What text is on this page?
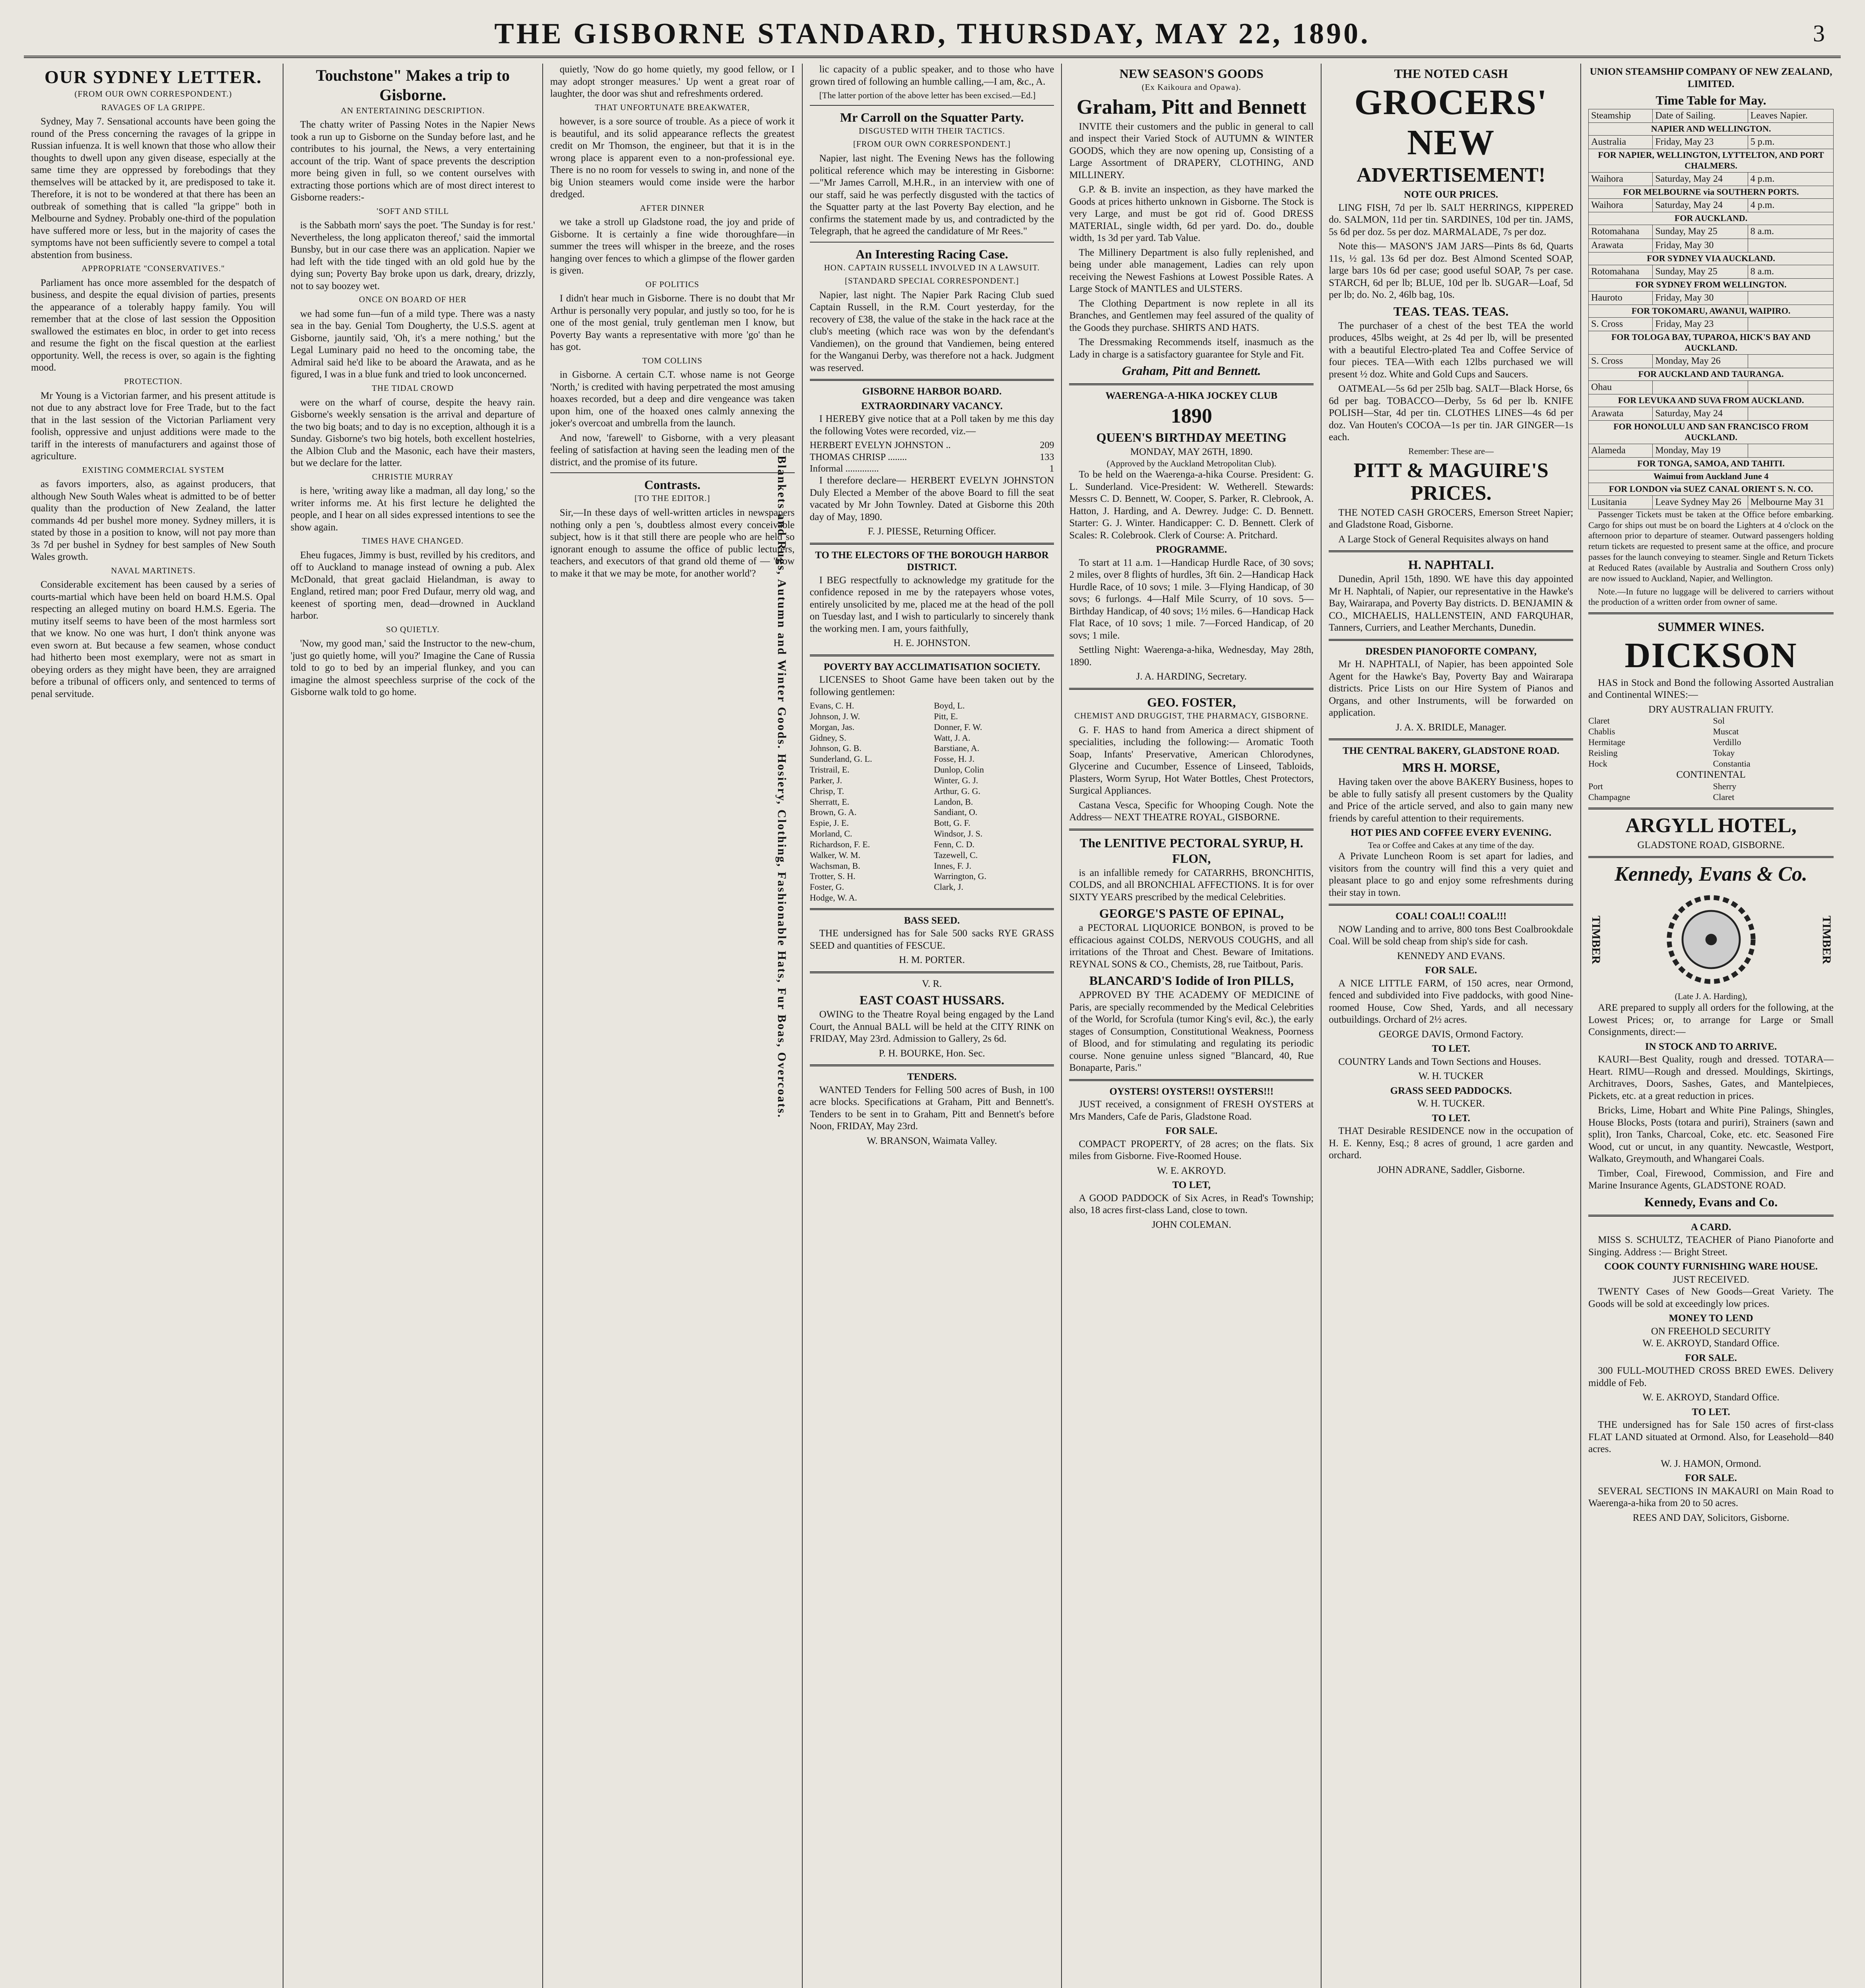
THE GISBORNE STANDARD, THURSDAY, MAY 22, 1890.	3
OUR SYDNEY LETTER.
(FROM OUR OWN CORRESPONDENT.)
RAVAGES OF LA GRIPPE.

Sydney, May 7. Sensational accounts have been going the round of the Press concerning the ravages of la grippe in Russian infuenza. It is well known that those who allow their thoughts to dwell upon any given disease, especially at the same time they are oppressed by forebodings that they themselves will be attacked by it, are predisposed to take it. Therefore, it is not to be wondered at that there has been an outbreak of something that is called "la grippe" both in Melbourne and Sydney. Probably one-third of the population have suffered more or less, but in the majority of cases the symptoms have not been sufficiently severe to compel a total abstention from business.

APPROPRIATE "CONSERVATIVES."

Parliament has once more assembled for the despatch of business, and despite the equal division of parties, presents the appearance of a tolerably happy family. You will remember that at the close of last session the Opposition swallowed the estimates en bloc, in order to get into recess and resume the fight on the fiscal question at the earliest opportunity. Well, the recess is over, so again is the fighting mood.

PROTECTION.

Mr Young is a Victorian farmer, and his present attitude is not due to any abstract love for Free Trade, but to the fact that in the last session of the Victorian Parliament very foolish, oppressive and unjust additions were made to the tariff in the interests of manufacturers and against those of agriculture.

EXISTING COMMERCIAL SYSTEM

as favors importers, also, as against producers, that although New South Wales wheat is admitted to be of better quality than the production of New Zealand, the latter commands 4d per bushel more money. Sydney millers, it is stated by those in a position to know, will not pay more than 3s 7d per bushel in Sydney for best samples of New South Wales growth.

NAVAL MARTINETS.

Considerable excitement has been caused by a series of courts-martial which have been held on board H.M.S. Opal respecting an alleged mutiny on board H.M.S. Egeria. The mutiny itself seems to have been of the most harmless sort that we know. No one was hurt, I don't think anyone was even sworn at. But because a few seamen, whose conduct had hitherto been most exemplary, were not as smart in obeying orders as they might have been, they are arraigned before a tribunal of officers only, and sentenced to terms of penal servitude.

Touchstone" Makes a trip to Gisborne.
AN ENTERTAINING DESCRIPTION.

The chatty writer of Passing Notes in the Napier News took a run up to Gisborne on the Sunday before last, and he contributes to his journal, the News, a very entertaining account of the trip. Want of space prevents the description more being given in full, so we content ourselves with extracting those portions which are of most direct interest to Gisborne readers:-

'SOFT AND STILL

is the Sabbath morn' says the poet. 'The Sunday is for rest.' Nevertheless, the long applicaton thereof,' said the immortal Bunsby, but in our case there was an application. Napier we had left with the tide tinged with an old gold hue by the dying sun; Poverty Bay broke upon us dark, dreary, drizzly, not to say boozey wet.

ONCE ON BOARD OF HER

we had some fun—fun of a mild type. There was a nasty sea in the bay. Genial Tom Dougherty, the U.S.S. agent at Gisborne, jauntily said, 'Oh, it's a mere nothing,' but the Legal Luminary paid no heed to the oncoming tabe, the Admiral said he'd like to be aboard the Arawata, and as he figured, I was in a blue funk and tried to look unconcerned.

THE TIDAL CROWD

were on the wharf of course, despite the heavy rain. Gisborne's weekly sensation is the arrival and departure of the two big boats; and to day is no exception, although it is a Sunday. Gisborne's two big hotels, both excellent hostelries, the Albion Club and the Masonic, each have their masters, but we declare for the latter.

CHRISTIE MURRAY

is here, 'writing away like a madman, all day long,' so the writer informs me. At his first lecture he delighted the people, and I hear on all sides expressed intentions to see the show again.

TIMES HAVE CHANGED.

Eheu fugaces, Jimmy is bust, revilled by his creditors, and off to Auckland to manage instead of owning a pub. Alex McDonald, that great gaclaid Hielandman, is away to England, retired man; poor Fred Dufaur, merry old wag, and keenest of sporting men, dead—drowned in Auckland harbor.

SO QUIETLY.

'Now, my good man,' said the Instructor to the new-chum, 'just go quietly home, will you?' Imagine the Cane of Russia told to go to bed by an imperial flunkey, and you can imagine the almost speechless surprise of the cock of the Gisborne walk told to go home.

quietly, 'Now do go home quietly, my good fellow, or I may adopt stronger measures.' Up went a great roar of laughter, the door was shut and refreshments ordered.

THAT UNFORTUNATE BREAKWATER,

however, is a sore source of trouble. As a piece of work it is beautiful, and its solid appearance reflects the greatest credit on Mr Thomson, the engineer, but that it is in the wrong place is apparent even to a non-professional eye. There is no no room for vessels to swing in, and none of the big Union steamers would come inside were the harbor dredged.

AFTER DINNER

we take a stroll up Gladstone road, the joy and pride of Gisborne. It is certainly a fine wide thoroughfare—in summer the trees will whisper in the breeze, and the roses hanging over fences to which a glimpse of the flower garden is given.

OF POLITICS

I didn't hear much in Gisborne. There is no doubt that Mr Arthur is personally very popular, and justly so too, for he is one of the most genial, truly gentleman men I know, but Poverty Bay wants a representative with more 'go' than he has got.

TOM COLLINS

in Gisborne. A certain C.T. whose name is not George 'North,' is credited with having perpetrated the most amusing hoaxes recorded, but a deep and dire vengeance was taken upon him, one of the hoaxed ones calmly annexing the joker's overcoat and umbrella from the launch.

And now, 'farewell' to Gisborne, with a very pleasant feeling of satisfaction at having seen the leading men of the district, and the promise of its future.

Contrasts.
[TO THE EDITOR.]

Sir,—In these days of well-written articles in newspapers nothing only a pen 's, doubtless almost every conceivable subject, how is it that still there are people who are held so ignorant enough to assume the office of public lecturers, teachers, and executors of that grand old theme of — 'How to make it that we may be mote, for another world'?

lic capacity of a public speaker, and to those who have grown tired of following an humble calling,—I am, &c., A.

[The latter portion of the above letter has been excised.—Ed.]

Mr Carroll on the Squatter Party.
DISGUSTED WITH THEIR TACTICS.
[FROM OUR OWN CORRESPONDENT.]

Napier, last night. The Evening News has the following political reference which may be interesting in Gisborne:—"Mr James Carroll, M.H.R., in an interview with one of our staff, said he was perfectly disgusted with the tactics of the Squatter party at the last Poverty Bay election, and he confirms the statement made by us, and contradicted by the Telegraph, that he agreed the candidature of Mr Rees."

An Interesting Racing Case.
HON. CAPTAIN RUSSELL INVOLVED IN A LAWSUIT.
[STANDARD SPECIAL CORRESPONDENT.]

Napier, last night. The Napier Park Racing Club sued Captain Russell, in the R.M. Court yesterday, for the recovery of £38, the value of the stake in the hack race at the club's meeting (which race was won by the defendant's Vandiemen), on the ground that Vandiemen, being entered for the Wanganui Derby, was therefore not a hack. Judgment was reserved.

GISBORNE HARBOR BOARD.
EXTRAORDINARY VACANCY.

I HEREBY give notice that at a Poll taken by me this day the following Votes were recorded, viz.—

HERBERT EVELYN JOHNSTON ..	209
THOMAS CHRISP ........	133
Informal ..............	1

I therefore declare— HERBERT EVELYN JOHNSTON Duly Elected a Member of the above Board to fill the seat vacated by Mr John Townley. Dated at Gisborne this 20th day of May, 1890.

F. J. PIESSE, Returning Officer.
TO THE ELECTORS OF THE BOROUGH HARBOR DISTRICT.

I BEG respectfully to acknowledge my gratitude for the confidence reposed in me by the ratepayers whose votes, entirely unsolicited by me, placed me at the head of the poll on Tuesday last, and I wish to particularly to sincerely thank the working men. I am, yours faithfully,

H. E. JOHNSTON.
POVERTY BAY ACCLIMATISATION SOCIETY.

LICENSES to Shoot Game have been taken out by the following gentlemen:

Evans, C. H.	Boyd, L.
Johnson, J. W.	Pitt, E.
Morgan, Jas.	Donner, F. W.
Gidney, S.	Watt, J. A.
Johnson, G. B.	Barstiane, A.
Sunderland, G. L.	Fosse, H. J.
Tristrail, E.	Dunlop, Colin
Parker, J.	Winter, G. J.
Chrisp, T.	Arthur, G. G.
Sherratt, E.	Landon, B.
Brown, G. A.	Sandiant, O.
Espie, J. E.	Bott, G. F.
Morland, C.	Windsor, J. S.
Richardson, F. E.	Fenn, C. D.
Walker, W. M.	Tazewell, C.
Wachsman, B.	Innes, F. J.
Trotter, S. H.	Warrington, G.
Foster, G.	Clark, J.
Hodge, W. A.
BASS SEED.

THE undersigned has for Sale 500 sacks RYE GRASS SEED and quantities of FESCUE.

H. M. PORTER.
V. R.
EAST COAST HUSSARS.

OWING to the Theatre Royal being engaged by the Land Court, the Annual BALL will be held at the CITY RINK on FRIDAY, May 23rd. Admission to Gallery, 2s 6d.

P. H. BOURKE, Hon. Sec.
TENDERS.

WANTED Tenders for Felling 500 acres of Bush, in 100 acre blocks. Specifications at Graham, Pitt and Bennett's. Tenders to be sent in to Graham, Pitt and Bennett's before Noon, FRIDAY, May 23rd.

W. BRANSON, Waimata Valley.
NEW SEASON'S GOODS
(Ex Kaikoura and Opawa).
Graham, Pitt and Bennett

INVITE their customers and the public in general to call and inspect their Varied Stock of AUTUMN & WINTER GOODS, which they are now opening up, Consisting of a Large Assortment of DRAPERY, CLOTHING, AND MILLINERY.

G.P. & B. invite an inspection, as they have marked the Goods at prices hitherto unknown in Gisborne. The Stock is very Large, and must be got rid of. Good DRESS MATERIAL, single width, 6d per yard. Do. do., double width, 1s 3d per yard. Tab Value.

The Millinery Department is also fully replenished, and being under able management, Ladies can rely upon receiving the Newest Fashions at Lowest Possible Rates. A Large Stock of MANTLES and ULSTERS.

The Clothing Department is now replete in all its Branches, and Gentlemen may feel assured of the quality of the Goods they purchase. SHIRTS AND HATS.

The Dressmaking Recommends itself, inasmuch as the Lady in charge is a satisfactory guarantee for Style and Fit.

Graham, Pitt and Bennett.
WAERENGA-A-HIKA JOCKEY CLUB
1890
QUEEN'S BIRTHDAY MEETING
MONDAY, MAY 26TH, 1890.
(Approved by the Auckland Metropolitan Club).

To be held on the Waerenga-a-hika Course. President: G. L. Sunderland. Vice-President: W. Wetherell. Stewards: Messrs C. D. Bennett, W. Cooper, S. Parker, R. Clebrook, A. Hatton, J. Harding, and A. Dewrey. Judge: C. D. Bennett. Starter: G. J. Winter. Handicapper: C. D. Bennett. Clerk of Scales: R. Colebrook. Clerk of Course: A. Pritchard.

PROGRAMME.

To start at 11 a.m. 1—Handicap Hurdle Race, of 30 sovs; 2 miles, over 8 flights of hurdles, 3ft 6in. 2—Handicap Hack Hurdle Race, of 10 sovs; 1 mile. 3—Flying Handicap, of 30 sovs; 6 furlongs. 4—Half Mile Scurry, of 10 sovs. 5—Birthday Handicap, of 40 sovs; 1½ miles. 6—Handicap Hack Flat Race, of 10 sovs; 1 mile. 7—Forced Handicap, of 20 sovs; 1 mile.

Settling Night: Waerenga-a-hika, Wednesday, May 28th, 1890.

J. A. HARDING, Secretary.
GEO. FOSTER,
CHEMIST AND DRUGGIST, THE PHARMACY, GISBORNE.

G. F. HAS to hand from America a direct shipment of specialities, including the following:— Aromatic Tooth Soap, Infants' Preservative, American Chlorodynes, Glycerine and Cucumber, Essence of Linseed, Tabloids, Plasters, Worm Syrup, Hot Water Bottles, Chest Protectors, Surgical Appliances.

Castana Vesca, Specific for Whooping Cough. Note the Address— NEXT THEATRE ROYAL, GISBORNE.

The LENITIVE PECTORAL SYRUP, H. FLON,

is an infallible remedy for CATARRHS, BRONCHITIS, COLDS, and all BRONCHIAL AFFECTIONS. It is for over SIXTY YEARS prescribed by the medical Celebrities.

GEORGE'S PASTE OF EPINAL,

a PECTORAL LIQUORICE BONBON, is proved to be efficacious against COLDS, NERVOUS COUGHS, and all irritations of the Throat and Chest. Beware of Imitations. REYNAL SONS & CO., Chemists, 28, rue Taitbout, Paris.

BLANCARD'S Iodide of Iron PILLS,

APPROVED BY THE ACADEMY OF MEDICINE of Paris, are specially recommended by the Medical Celebrities of the World, for Scrofula (tumor King's evil, &c.), the early stages of Consumption, Constitutional Weakness, Poorness of Blood, and for stimulating and regulating its periodic course. None genuine unless signed "Blancard, 40, Rue Bonaparte, Paris."

OYSTERS! OYSTERS!! OYSTERS!!!

JUST received, a consignment of FRESH OYSTERS at Mrs Manders, Cafe de Paris, Gladstone Road.

FOR SALE.

COMPACT PROPERTY, of 28 acres; on the flats. Six miles from Gisborne. Five-Roomed House.

W. E. AKROYD.
TO LET,

A GOOD PADDOCK of Six Acres, in Read's Township; also, 18 acres first-class Land, close to town.

JOHN COLEMAN.
THE NOTED CASH
GROCERS'
NEW
ADVERTISEMENT!
NOTE OUR PRICES.

LING FISH, 7d per lb. SALT HERRINGS, KIPPERED do. SALMON, 11d per tin. SARDINES, 10d per tin. JAMS, 5s 6d per doz. 5s per doz. MARMALADE, 7s per doz.

Note this— MASON'S JAM JARS—Pints 8s 6d, Quarts 11s, ½ gal. 13s 6d per doz. Best Almond Scented SOAP, large bars 10s 6d per case; good useful SOAP, 7s per case. STARCH, 6d per lb; BLUE, 10d per lb. SUGAR—Loaf, 5d per lb; do. No. 2, 46lb bag, 10s.

TEAS. TEAS. TEAS.

The purchaser of a chest of the best TEA the world produces, 45lbs weight, at 2s 4d per lb, will be presented with a beautiful Electro-plated Tea and Coffee Service of four pieces. TEA—With each 12lbs purchased we will present ½ doz. White and Gold Cups and Saucers.

OATMEAL—5s 6d per 25lb bag. SALT—Black Horse, 6s 6d per bag. TOBACCO—Derby, 5s 6d per lb. KNIFE POLISH—Star, 4d per tin. CLOTHES LINES—4s 6d per doz. Van Houten's COCOA—1s per tin. JAR GINGER—1s each.

Remember: These are—
PITT & MAGUIRE'S PRICES.

THE NOTED CASH GROCERS, Emerson Street Napier; and Gladstone Road, Gisborne.

A Large Stock of General Requisites always on hand

H. NAPHTALI.

Dunedin, April 15th, 1890. WE have this day appointed Mr H. Naphtali, of Napier, our representative in the Hawke's Bay, Wairarapa, and Poverty Bay districts. D. BENJAMIN & CO., MICHAELIS, HALLENSTEIN, AND FARQUHAR, Tanners, Curriers, and Leather Merchants, Dunedin.

DRESDEN PIANOFORTE COMPANY,

Mr H. NAPHTALI, of Napier, has been appointed Sole Agent for the Hawke's Bay, Poverty Bay and Wairarapa districts. Price Lists on our Hire System of Pianos and Organs, and other Instruments, will be forwarded on application.

J. A. X. BRIDLE, Manager.
THE CENTRAL BAKERY, GLADSTONE ROAD.
MRS H. MORSE,

Having taken over the above BAKERY Business, hopes to be able to fully satisfy all present customers by the Quality and Price of the article served, and also to gain many new friends by careful attention to their requirements.

HOT PIES AND COFFEE EVERY EVENING.
Tea or Coffee and Cakes at any time of the day.

A Private Luncheon Room is set apart for ladies, and visitors from the country will find this a very quiet and pleasant place to go and enjoy some refreshments during their stay in town.

COAL! COAL!! COAL!!!

NOW Landing and to arrive, 800 tons Best Coalbrookdale Coal. Will be sold cheap from ship's side for cash.

KENNEDY AND EVANS.
FOR SALE.

A NICE LITTLE FARM, of 150 acres, near Ormond, fenced and subdivided into Five paddocks, with good Nine-roomed House, Cow Shed, Yards, and all necessary outbuildings. Orchard of 2½ acres.

GEORGE DAVIS, Ormond Factory.
TO LET.

COUNTRY Lands and Town Sections and Houses.

W. H. TUCKER
GRASS SEED PADDOCKS.
W. H. TUCKER.
TO LET.

THAT Desirable RESIDENCE now in the occupation of H. E. Kenny, Esq.; 8 acres of ground, 1 acre garden and orchard.

JOHN ADRANE, Saddler, Gisborne.
UNION STEAMSHIP COMPANY OF NEW ZEALAND, LIMITED.
Time Table for May.
Steamship	Date of Sailing.	Leaves Napier.
NAPIER AND WELLINGTON.		
Australia	Friday, May 23	5 p.m.
FOR NAPIER, WELLINGTON, LYTTELTON, AND PORT CHALMERS.		
Waihora	Saturday, May 24	4 p.m.
FOR MELBOURNE via SOUTHERN PORTS.		
Waihora	Saturday, May 24	4 p.m.
FOR AUCKLAND.		
Rotomahana	Sunday, May 25	8 a.m.
Arawata	Friday, May 30	
FOR SYDNEY VIA AUCKLAND.		
Rotomahana	Sunday, May 25	8 a.m.
FOR SYDNEY FROM WELLINGTON.		
Hauroto	Friday, May 30	
FOR TOKOMARU, AWANUI, WAIPIRO.		
S. Cross	Friday, May 23	
FOR TOLOGA BAY, TUPAROA, HICK'S BAY AND AUCKLAND.		
S. Cross	Monday, May 26	
FOR AUCKLAND AND TAURANGA.		
Ohau		
FOR LEVUKA AND SUVA FROM AUCKLAND.		
Arawata	Saturday, May 24	
FOR HONOLULU AND SAN FRANCISCO FROM AUCKLAND.		
Alameda	Monday, May 19	
FOR TONGA, SAMOA, AND TAHITI.		
Waimui from Auckland June 4		
FOR LONDON via SUEZ CANAL ORIENT S. N. CO.		
Lusitania	Leave Sydney May 26	Melbourne May 31

Passenger Tickets must be taken at the Office before embarking. Cargo for ships out must be on board the Lighters at 4 o'clock on the afternoon prior to departure of steamer. Outward passengers holding return tickets are requested to present same at the office, and procure passes for the launch conveying to steamer. Single and Return Tickets at Reduced Rates (available by Australia and Southern Cross only) are now issued to Auckland, Napier, and Wellington.

Note.—In future no luggage will be delivered to carriers without the production of a written order from owner of same.

SUMMER WINES.
DICKSON

HAS in Stock and Bond the following Assorted Australian and Continental WINES:—

DRY AUSTRALIAN FRUITY.
Claret	Sol
Chablis	Muscat
Hermitage	Verdillo
Reisling	Tokay
Hock	Constantia
CONTINENTAL
Port	Sherry
Champagne	Claret
ARGYLL HOTEL,
GLADSTONE ROAD, GISBORNE.
Kennedy, Evans & Co.
TIMBER	TIMBER
(Late J. A. Harding),

ARE prepared to supply all orders for the following, at the Lowest Prices; or, to arrange for Large or Small Consignments, direct:—

IN STOCK AND TO ARRIVE.

KAURI—Best Quality, rough and dressed. TOTARA—Heart. RIMU—Rough and dressed. Mouldings, Skirtings, Architraves, Doors, Sashes, Gates, and Mantelpieces, Pickets, etc. at a great reduction in prices.

Bricks, Lime, Hobart and White Pine Palings, Shingles, House Blocks, Posts (totara and puriri), Strainers (sawn and split), Iron Tanks, Charcoal, Coke, etc. etc. Seasoned Fire Wood, cut or uncut, in any quantity. Newcastle, Westport, Walkato, Greymouth, and Whangarei Coals.

Timber, Coal, Firewood, Commission, and Fire and Marine Insurance Agents, GLADSTONE ROAD.

Kennedy, Evans and Co.
A CARD.

MISS S. SCHULTZ, TEACHER of Piano Pianoforte and Singing. Address :— Bright Street.

COOK COUNTY FURNISHING WARE HOUSE.
JUST RECEIVED.

TWENTY Cases of New Goods—Great Variety. The Goods will be sold at exceedingly low prices.

MONEY TO LEND
ON FREEHOLD SECURITY
W. E. AKROYD, Standard Office.
FOR SALE.

300 FULL-MOUTHED CROSS BRED EWES. Delivery middle of Feb.

W. E. AKROYD, Standard Office.
TO LET.

THE undersigned has for Sale 150 acres of first-class FLAT LAND situated at Ormond. Also, for Leasehold—840 acres.

W. J. HAMON, Ormond.
FOR SALE.

SEVERAL SECTIONS IN MAKAURI on Main Road to Waerenga-a-hika from 20 to 50 acres.

REES AND DAY, Solicitors, Gisborne.
Blankets and Rugs, Autumn and Winter Goods. Hosiery, Clothing, Fashionable Hats, Fur Boas, Overcoats.
